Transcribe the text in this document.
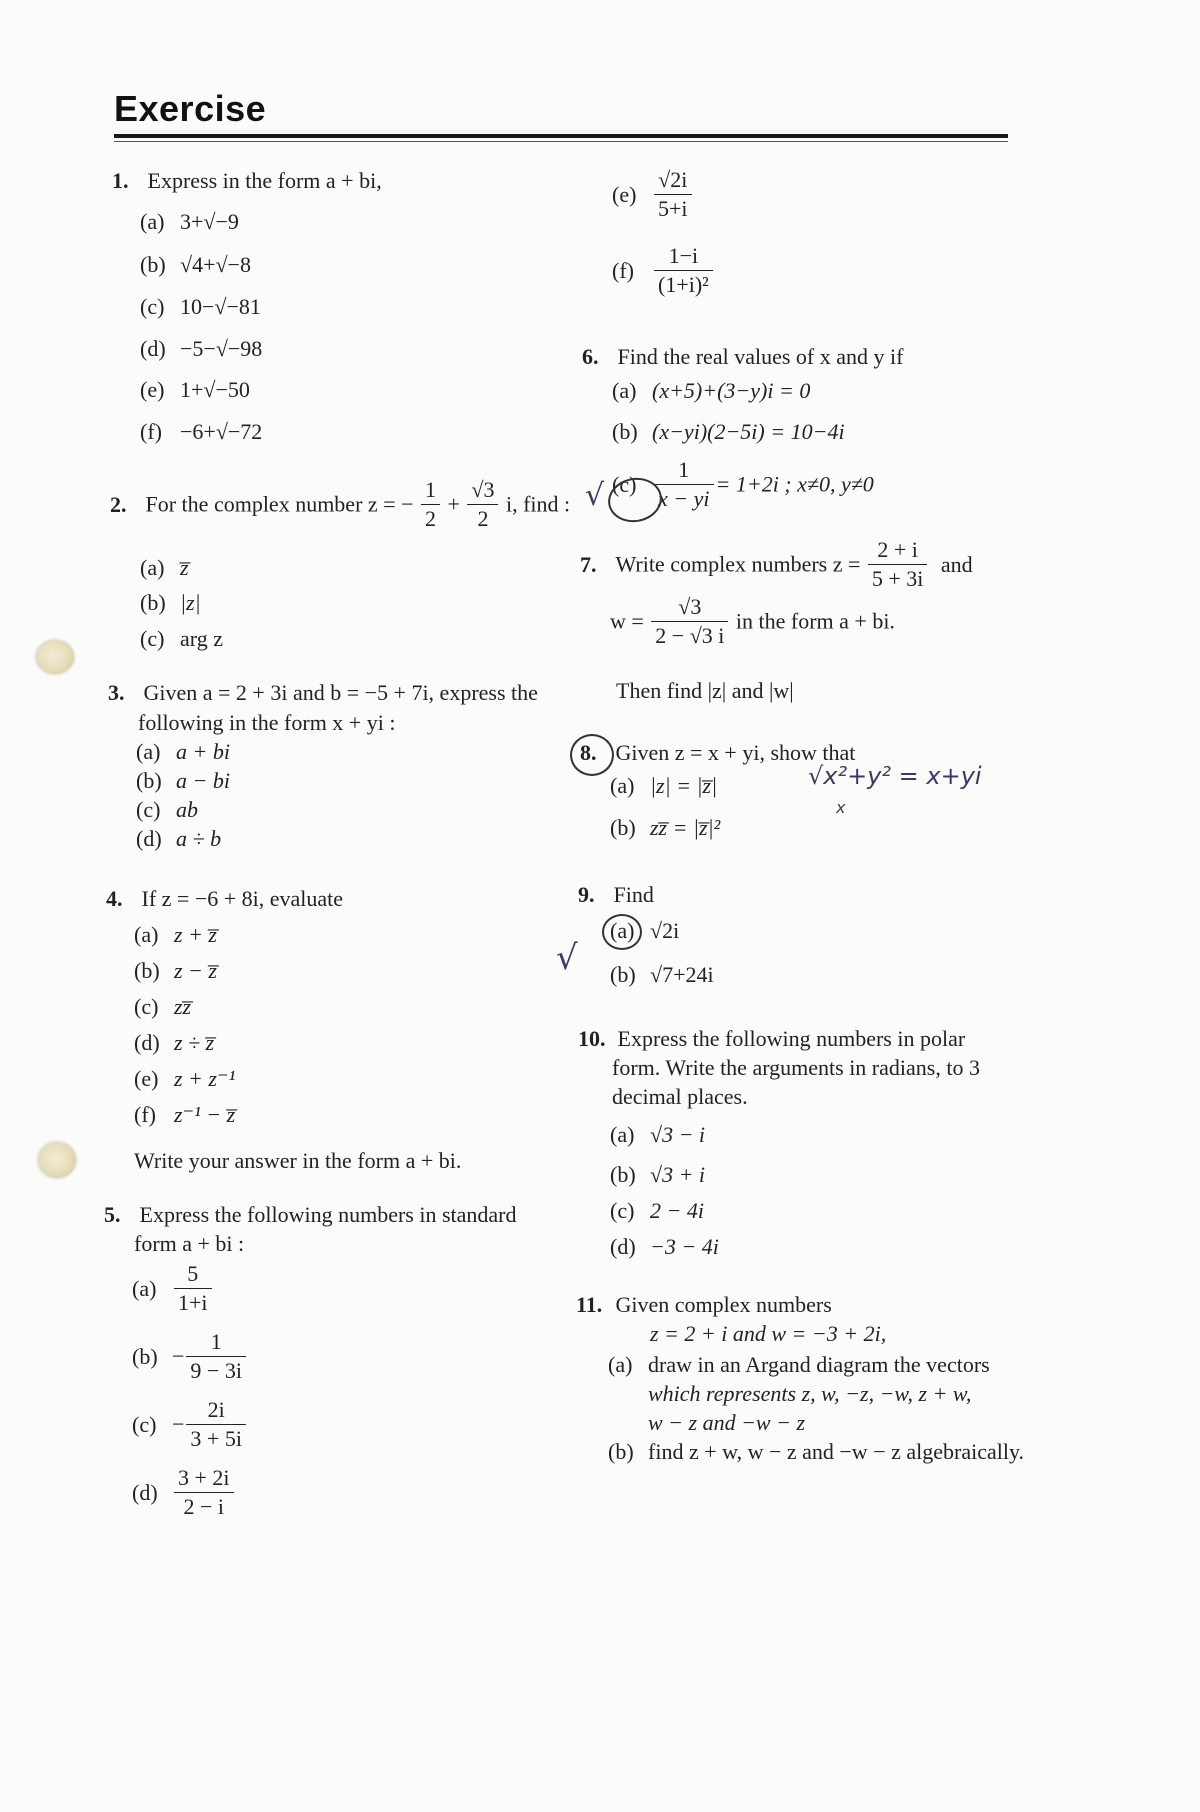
Exercise
1. Express in the form a + bi,
(a) 3+√−9
(b) √4+√−8
(c) 10−√−81
(d) −5−√−98
(e) 1+√−50
(f) −6+√−72
2. For the complex number z = − $\frac{1}{2} + \frac{√3}{2} i$, find :
(a) z̅
(b) |z|
(c) arg z
3. Given a = 2 + 3i and b = −5 + 7i, express the
following in the form x + yi :
(a) a + bi
(b) a − bi
(c) ab
(d) a ÷ b
4. If z = −6 + 8i, evaluate
(a) z + z̅
(b) z − z̅
(c) zz̅
(d) z ÷ z̅
(e) z + z⁻¹
(f) z⁻¹ − z̅
Write your answer in the form a + bi.
5. Express the following numbers in standard
form a + bi :
$(a) \frac{5}{1+i}$
$(b) - \frac{1}{9 - 3i}$
$(c) - \frac{2i}{3 + 5i}$
$(d) \frac{3 + 2i}{2 - i}$
$(e) \frac{√2i}{5+i}$
$(f) \frac{1-i}{\text{(1+i)²}}$
6. Find the real values of x and y if
(a) (x+5)+(3−y)i = 0
(b) (x−yi)(2−5i) = 10−4i
$(c) \frac{1}{x - yi} = 1+2i$ ; x≠0, y≠0
√
7. Write complex numbers $z = \frac{2 + i}{5 + 3i}$ and
$w = \frac{√3}{2 - √3 i}$ in the form a + bi.
Then find |z| and |w|
8. Given z = x + yi, show that
(a) |z| = |z̅|
(b) zz̅ = |z̅|²
√x²+y² = x+yi
x
9. Find
(a) √2i
√ (b) √7+24i
10. Express the following numbers in polar
form. Write the arguments in radians, to 3
decimal places.
(a) √3 − i
(b) √3 + i
(c) 2 − 4i
(d) −3 − 4i
11. Given complex numbers
z = 2 + i and w = −3 + 2i,
(a) draw in an Argand diagram the vectors
which represents z, w, −z, −w, z + w,
w − z and −w − z
(b) find z + w, w − z and −w − z algebraically.
